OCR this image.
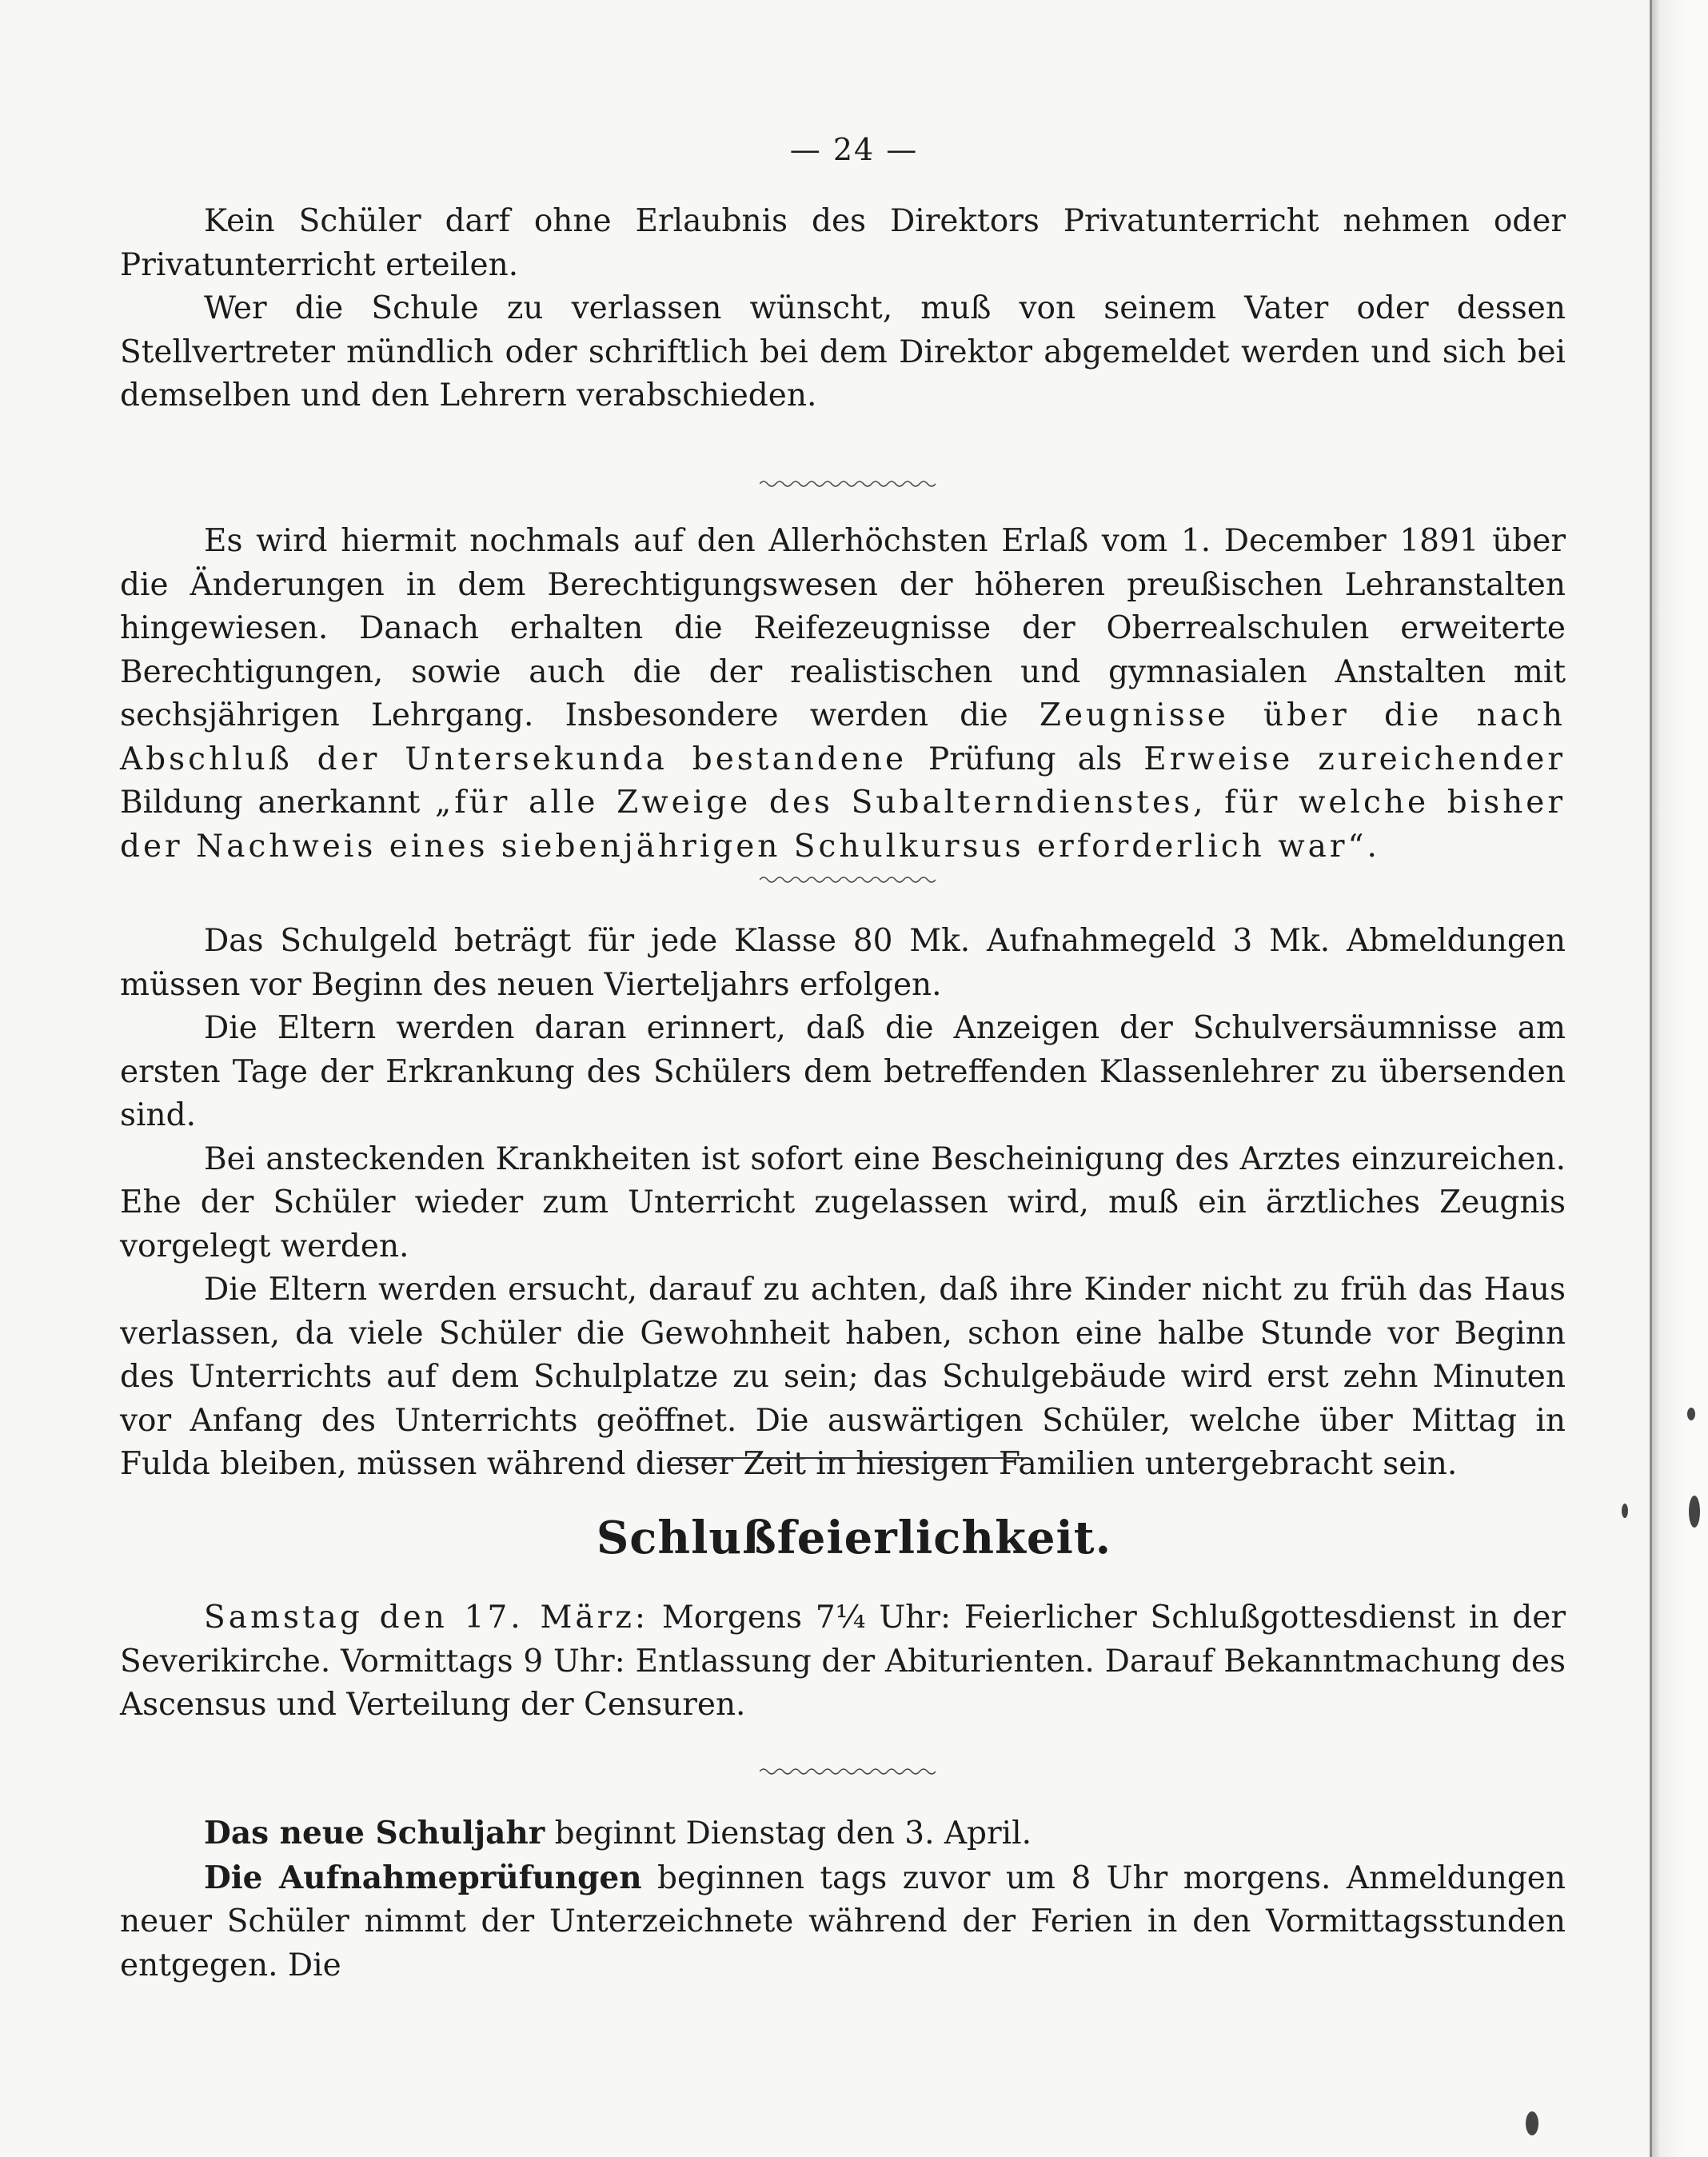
— 24 —

Kein Schüler darf ohne Erlaubnis des Direktors Privatunterricht nehmen oder Privatunterricht erteilen.

Wer die Schule zu verlassen wünscht, muß von seinem Vater oder dessen Stellvertreter mündlich oder schriftlich bei dem Direktor abgemeldet werden und sich bei demselben und den Lehrern verabschieden.

Es wird hiermit nochmals auf den Allerhöchsten Erlaß vom 1. December 1891 über die Änderungen in dem Berechtigungswesen der höheren preußischen Lehranstalten hingewiesen. Danach erhalten die Reifezeugnisse der Oberrealschulen erweiterte Berechtigungen, sowie auch die der realistischen und gymnasialen Anstalten mit sechsjährigen Lehrgang. Insbesondere werden die Zeugnisse über die nach Abschluß der Untersekunda bestandene Prüfung als Erweise zureichender Bildung anerkannt „für alle Zweige des Subalterndienstes, für welche bisher der Nachweis eines siebenjährigen Schulkursus erforderlich war“.

Das Schulgeld beträgt für jede Klasse 80 Mk. Aufnahmegeld 3 Mk. Abmeldungen müssen vor Beginn des neuen Vierteljahrs erfolgen.

Die Eltern werden daran erinnert, daß die Anzeigen der Schulversäumnisse am ersten Tage der Erkrankung des Schülers dem betreffenden Klassenlehrer zu übersenden sind.

Bei ansteckenden Krankheiten ist sofort eine Bescheinigung des Arztes einzureichen. Ehe der Schüler wieder zum Unterricht zugelassen wird, muß ein ärztliches Zeugnis vorgelegt werden.

Die Eltern werden ersucht, darauf zu achten, daß ihre Kinder nicht zu früh das Haus verlassen, da viele Schüler die Gewohnheit haben, schon eine halbe Stunde vor Beginn des Unterrichts auf dem Schulplatze zu sein; das Schulgebäude wird erst zehn Minuten vor Anfang des Unterrichts geöffnet. Die auswärtigen Schüler, welche über Mittag in Fulda bleiben, müssen während dieser Zeit in hiesigen Familien untergebracht sein.

Schlußfeierlichkeit.

Samstag den 17. März: Morgens 7¼ Uhr: Feierlicher Schlußgottesdienst in der Severikirche. Vormittags 9 Uhr: Entlassung der Abiturienten. Darauf Bekanntmachung des Ascensus und Verteilung der Censuren.

Das neue Schuljahr beginnt Dienstag den 3. April.

Die Aufnahmeprüfungen beginnen tags zuvor um 8 Uhr morgens. Anmeldungen neuer Schüler nimmt der Unterzeichnete während der Ferien in den Vormittagsstunden entgegen. Die
